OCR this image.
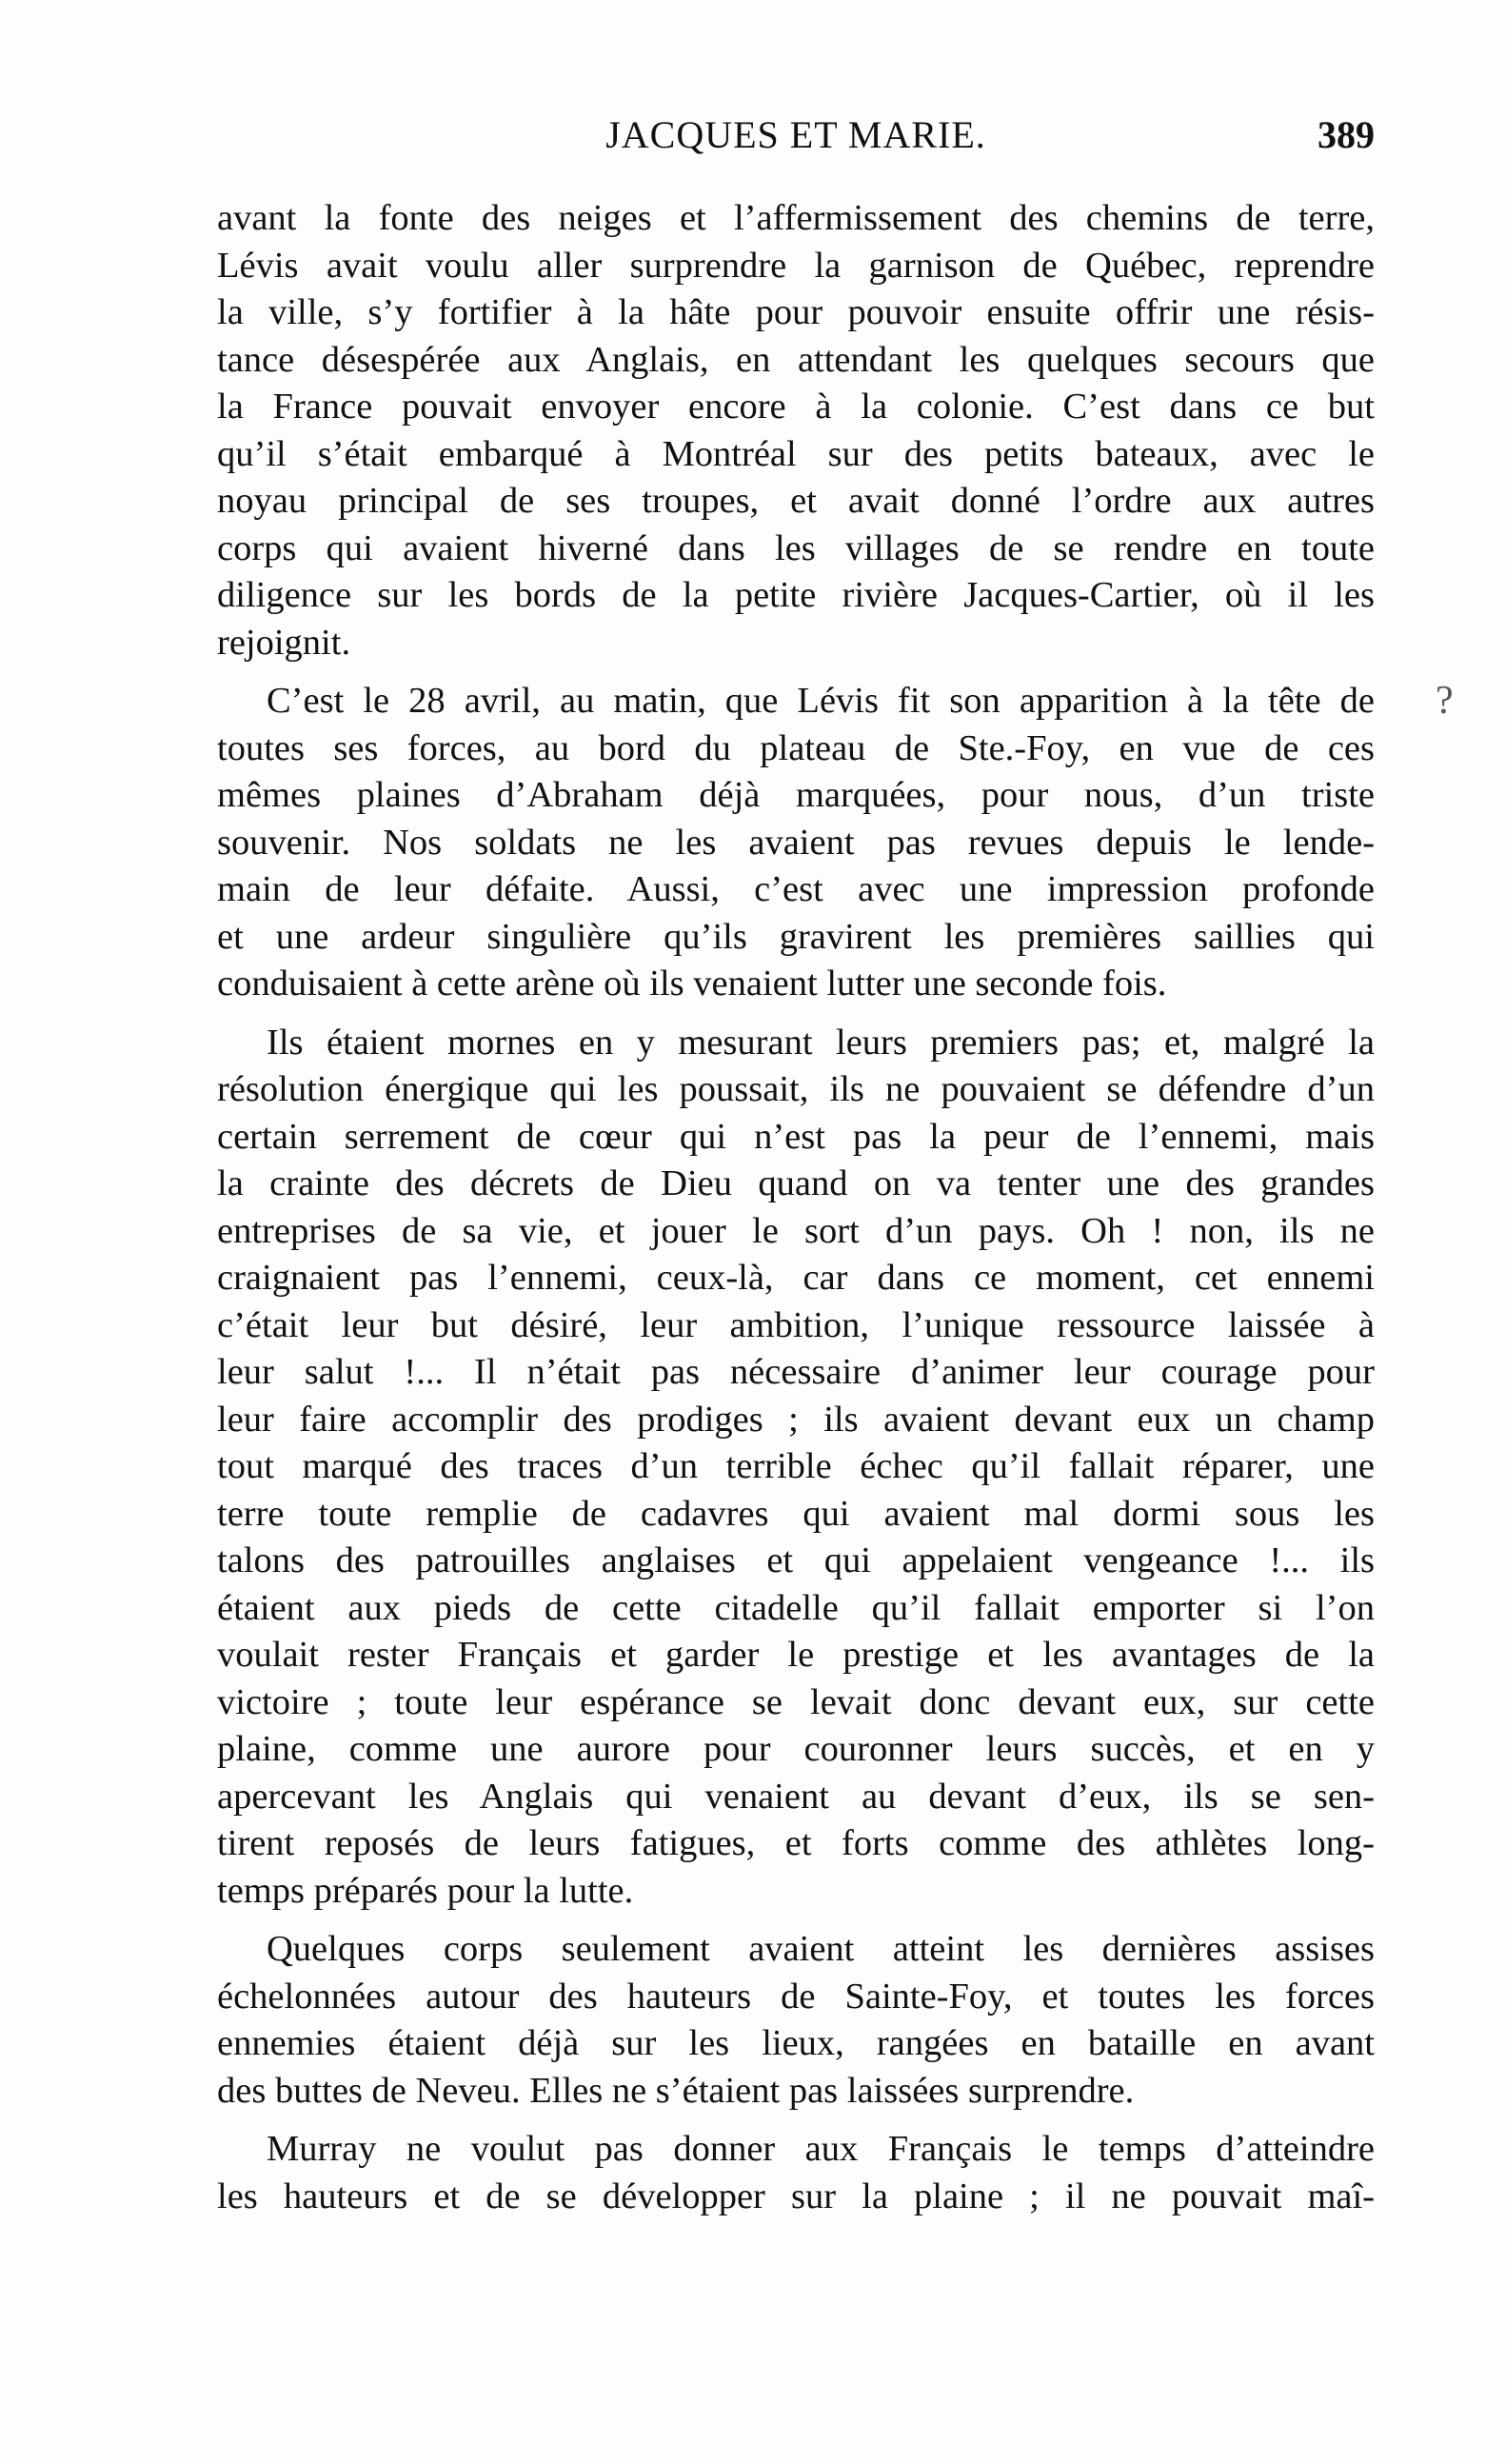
JACQUES ET MARIE.	389
?
avant la fonte des neiges et l’affermissement des chemins de terre,
Lévis avait voulu aller surprendre la garnison de Québec, reprendre
la ville, s’y fortifier à la hâte pour pouvoir ensuite offrir une résis-
tance désespérée aux Anglais, en attendant les quelques secours que
la France pouvait envoyer encore à la colonie. C’est dans ce but
qu’il s’était embarqué à Montréal sur des petits bateaux, avec le
noyau principal de ses troupes, et avait donné l’ordre aux autres
corps qui avaient hiverné dans les villages de se rendre en toute
diligence sur les bords de la petite rivière Jacques-Cartier, où il les
rejoignit.
C’est le 28 avril, au matin, que Lévis fit son apparition à la tête de
toutes ses forces, au bord du plateau de Ste.-Foy, en vue de ces
mêmes plaines d’Abraham déjà marquées, pour nous, d’un triste
souvenir. Nos soldats ne les avaient pas revues depuis le lende-
main de leur défaite. Aussi, c’est avec une impression profonde
et une ardeur singulière qu’ils gravirent les premières saillies qui
conduisaient à cette arène où ils venaient lutter une seconde fois.
Ils étaient mornes en y mesurant leurs premiers pas; et, malgré la
résolution énergique qui les poussait, ils ne pouvaient se défendre d’un
certain serrement de cœur qui n’est pas la peur de l’ennemi, mais
la crainte des décrets de Dieu quand on va tenter une des grandes
entreprises de sa vie, et jouer le sort d’un pays. Oh ! non, ils ne
craignaient pas l’ennemi, ceux-là, car dans ce moment, cet ennemi
c’était leur but désiré, leur ambition, l’unique ressource laissée à
leur salut !... Il n’était pas nécessaire d’animer leur courage pour
leur faire accomplir des prodiges ; ils avaient devant eux un champ
tout marqué des traces d’un terrible échec qu’il fallait réparer, une
terre toute remplie de cadavres qui avaient mal dormi sous les
talons des patrouilles anglaises et qui appelaient vengeance !... ils
étaient aux pieds de cette citadelle qu’il fallait emporter si l’on
voulait rester Français et garder le prestige et les avantages de la
victoire ; toute leur espérance se levait donc devant eux, sur cette
plaine, comme une aurore pour couronner leurs succès, et en y
apercevant les Anglais qui venaient au devant d’eux, ils se sen-
tirent reposés de leurs fatigues, et forts comme des athlètes long-
temps préparés pour la lutte.
Quelques corps seulement avaient atteint les dernières assises
échelonnées autour des hauteurs de Sainte-Foy, et toutes les forces
ennemies étaient déjà sur les lieux, rangées en bataille en avant
des buttes de Neveu. Elles ne s’étaient pas laissées surprendre.
Murray ne voulut pas donner aux Français le temps d’atteindre
les hauteurs et de se développer sur la plaine ; il ne pouvait maî-
